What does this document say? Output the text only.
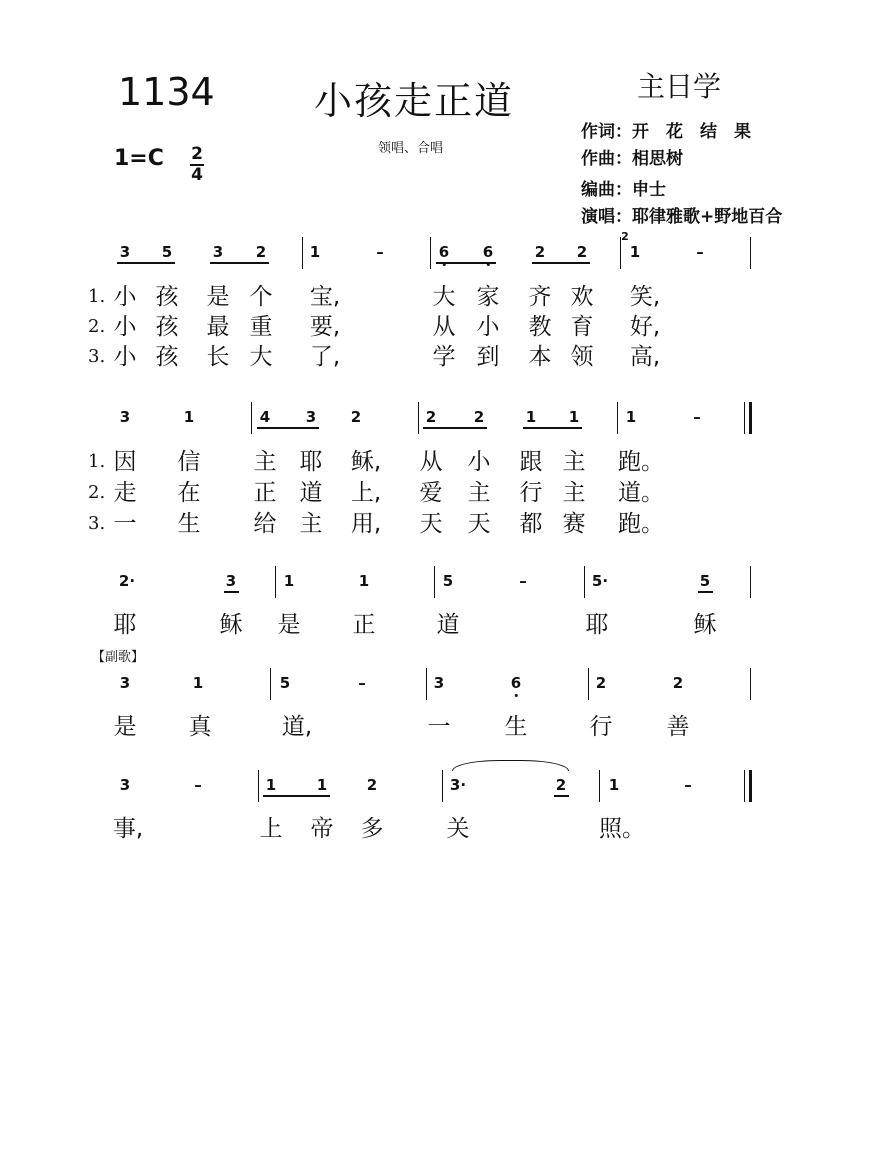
1134	小孩走正道	主日学
1=C 2
4
领唱、合唱
作词：开　花　结　果
作曲：相思树
编曲：申士
演唱：耶律雅歌+野地百合
3 5	3 2	1	–	6 6	2 2
2
1	–
1. 小 孩 是 个 宝,	大 家 齐 欢 笑,
2. 小 孩 最 重 要,	从 小 教 育 好,
3. 小 孩 长 大 了,	学 到 本 领 高,
3	1	4 3 2	2	2	1 1	1	–
1. 因 信 主 耶 稣, 从 小 跟 主 跑。
2. 走 在 正 道 上, 爱 主 行 主 道。
3. 一 生 给 主 用, 天 天 都 赛 跑。
2·	3	1	1	5	–	5·	5
耶	稣 是 正	道	耶	稣
【副歌】
3	1	5	–	3	6	2	2
是 真	道,	一 生	行 善
3	–	1	1	2	3·	2	1	–
事,	上 帝 多	关	照。
